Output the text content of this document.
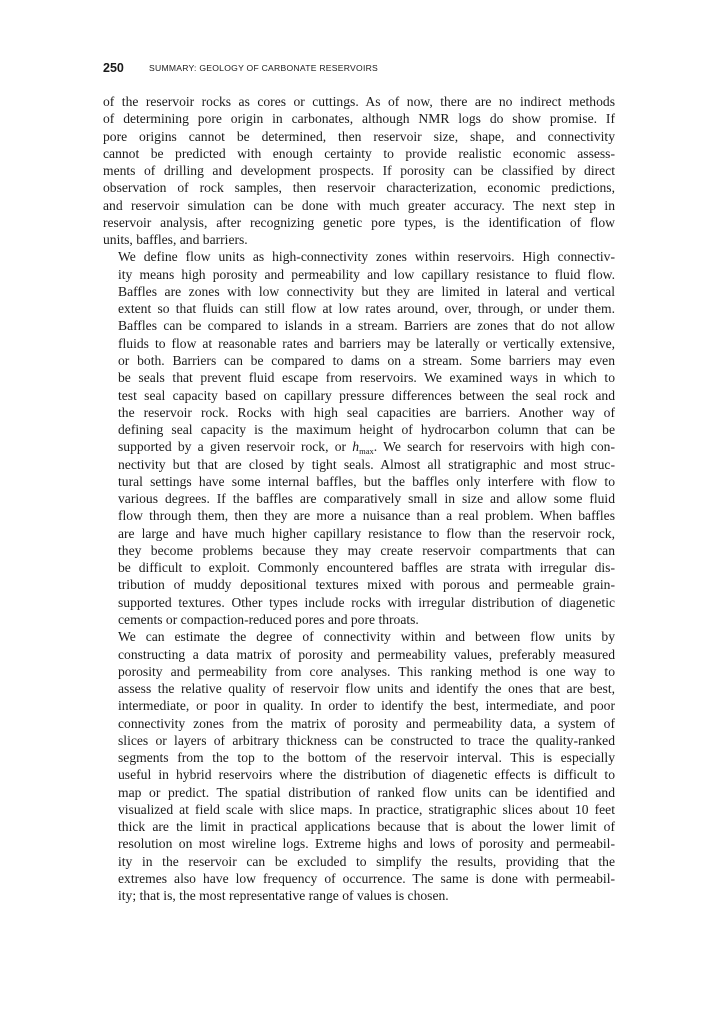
250	SUMMARY: GEOLOGY OF CARBONATE RESERVOIRS

of the reservoir rocks as cores or cuttings. As of now, there are no indirect methods
of determining pore origin in carbonates, although NMR logs do show promise. If
pore origins cannot be determined, then reservoir size, shape, and connectivity
cannot be predicted with enough certainty to provide realistic economic assess-
ments of drilling and development prospects. If porosity can be classified by direct
observation of rock samples, then reservoir characterization, economic predictions,
and reservoir simulation can be done with much greater accuracy. The next step in
reservoir analysis, after recognizing genetic pore types, is the identification of flow
units, baffles, and barriers.

We define flow units as high-connectivity zones within reservoirs. High connectiv-
ity means high porosity and permeability and low capillary resistance to fluid flow.
Baffles are zones with low connectivity but they are limited in lateral and vertical
extent so that fluids can still flow at low rates around, over, through, or under them.
Baffles can be compared to islands in a stream. Barriers are zones that do not allow
fluids to flow at reasonable rates and barriers may be laterally or vertically extensive,
or both. Barriers can be compared to dams on a stream. Some barriers may even
be seals that prevent fluid escape from reservoirs. We examined ways in which to
test seal capacity based on capillary pressure differences between the seal rock and
the reservoir rock. Rocks with high seal capacities are barriers. Another way of
defining seal capacity is the maximum height of hydrocarbon column that can be
supported by a given reservoir rock, or $h_{max}$. We search for reservoirs with high con-
nectivity but that are closed by tight seals. Almost all stratigraphic and most struc-
tural settings have some internal baffles, but the baffles only interfere with flow to
various degrees. If the baffles are comparatively small in size and allow some fluid
flow through them, then they are more a nuisance than a real problem. When baffles
are large and have much higher capillary resistance to flow than the reservoir rock,
they become problems because they may create reservoir compartments that can
be difficult to exploit. Commonly encountered baffles are strata with irregular dis-
tribution of muddy depositional textures mixed with porous and permeable grain-
supported textures. Other types include rocks with irregular distribution of diagenetic
cements or compaction-reduced pores and pore throats.

We can estimate the degree of connectivity within and between flow units by
constructing a data matrix of porosity and permeability values, preferably measured
porosity and permeability from core analyses. This ranking method is one way to
assess the relative quality of reservoir flow units and identify the ones that are best,
intermediate, or poor in quality. In order to identify the best, intermediate, and poor
connectivity zones from the matrix of porosity and permeability data, a system of
slices or layers of arbitrary thickness can be constructed to trace the quality-ranked
segments from the top to the bottom of the reservoir interval. This is especially
useful in hybrid reservoirs where the distribution of diagenetic effects is difficult to
map or predict. The spatial distribution of ranked flow units can be identified and
visualized at field scale with slice maps. In practice, stratigraphic slices about 10 feet
thick are the limit in practical applications because that is about the lower limit of
resolution on most wireline logs. Extreme highs and lows of porosity and permeabil-
ity in the reservoir can be excluded to simplify the results, providing that the
extremes also have low frequency of occurrence. The same is done with permeabil-
ity; that is, the most representative range of values is chosen.
